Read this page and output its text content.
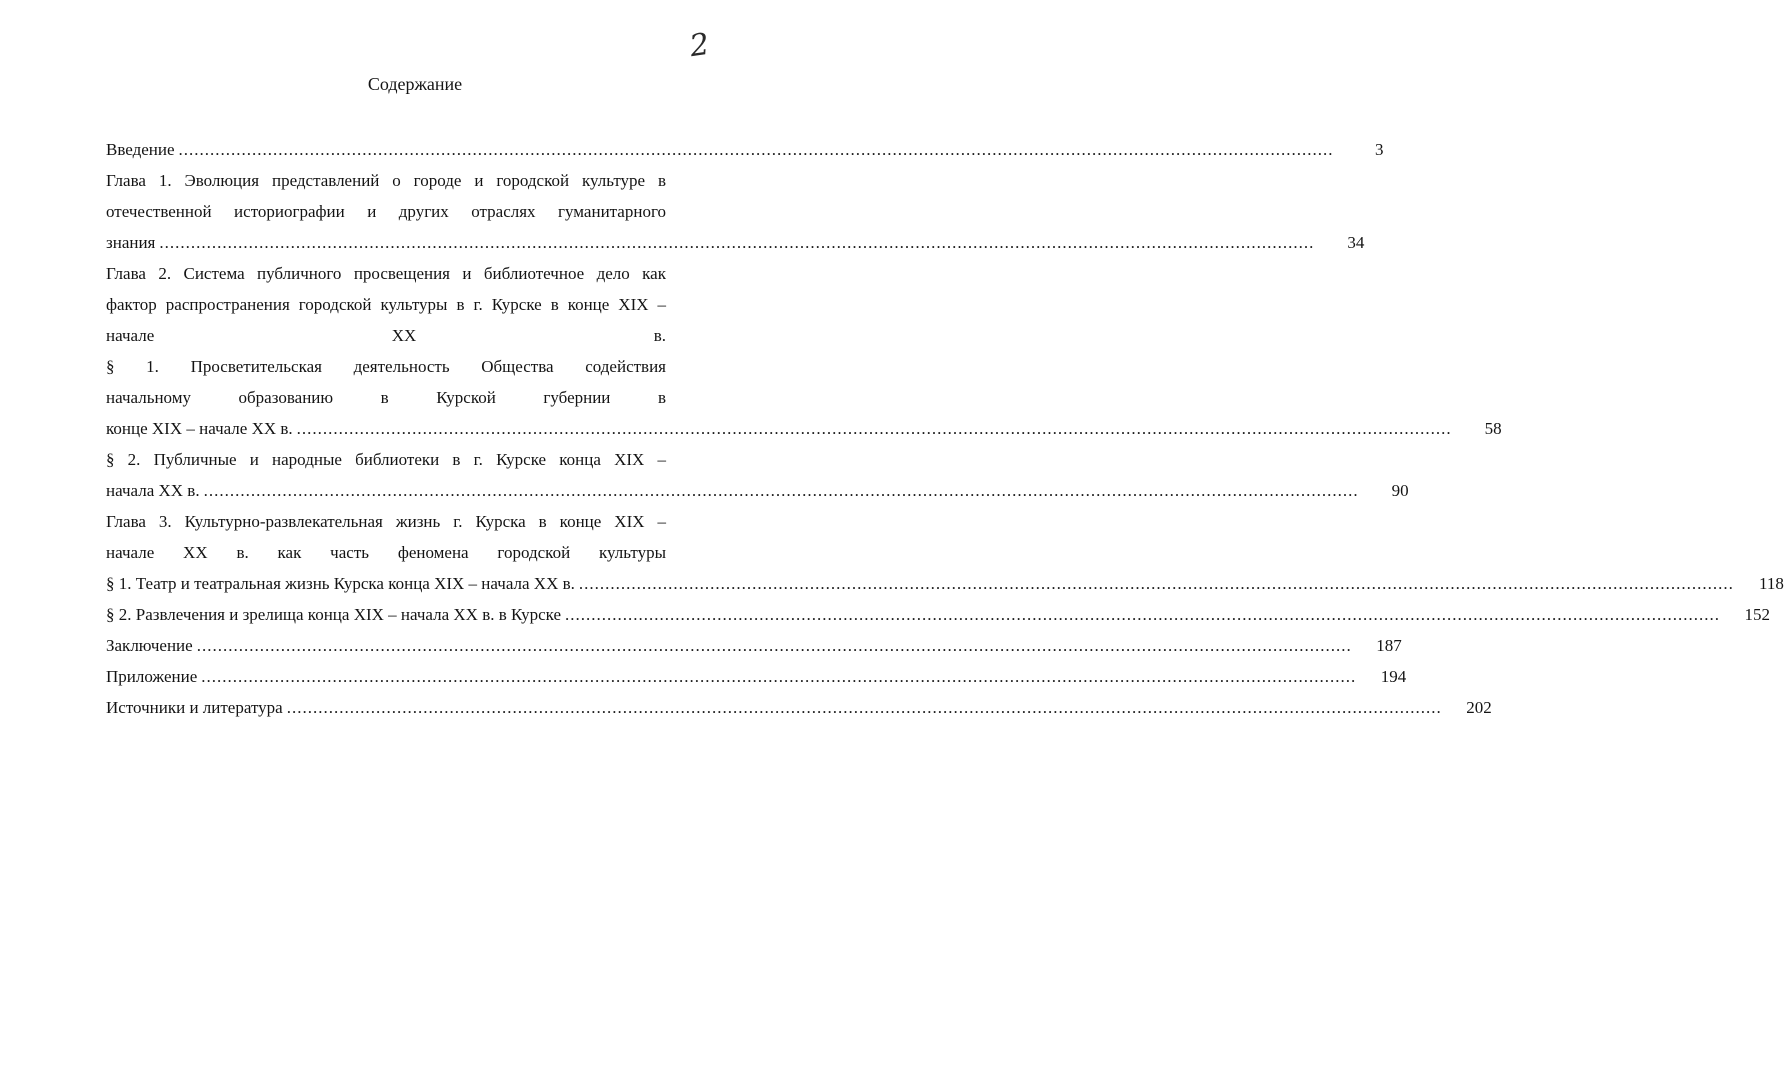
2
Содержание
Введение ............................................................................................................................................................................................................................	3
Глава 1. Эволюция представлений о городе и городской культуре в
отечественной историографии и других отраслях гуманитарного
знания ............................................................................................................................................................................................................................	34
Глава 2. Система публичного просвещения и библиотечное дело как
фактор распространения городской культуры в г. Курске в конце XIX –
начале XX в.
§ 1. Просветительская деятельность Общества содействия
начальному образованию в Курской губернии в
конце XIX – начале XX в. ............................................................................................................................................................................................................................	58
§ 2. Публичные и народные библиотеки в г. Курске конца XIX –
начала XX в. ............................................................................................................................................................................................................................	90
Глава 3. Культурно-развлекательная жизнь г. Курска в конце XIX –
начале XX в. как часть феномена городской культуры
§ 1. Театр и театральная жизнь Курска конца XIX – начала XX в. ............................................................................................................................................................................................................................	118
§ 2. Развлечения и зрелища конца XIX – начала XX в. в Курске ............................................................................................................................................................................................................................	152
Заключение ............................................................................................................................................................................................................................	187
Приложение ............................................................................................................................................................................................................................	194
Источники и литература ............................................................................................................................................................................................................................	202
